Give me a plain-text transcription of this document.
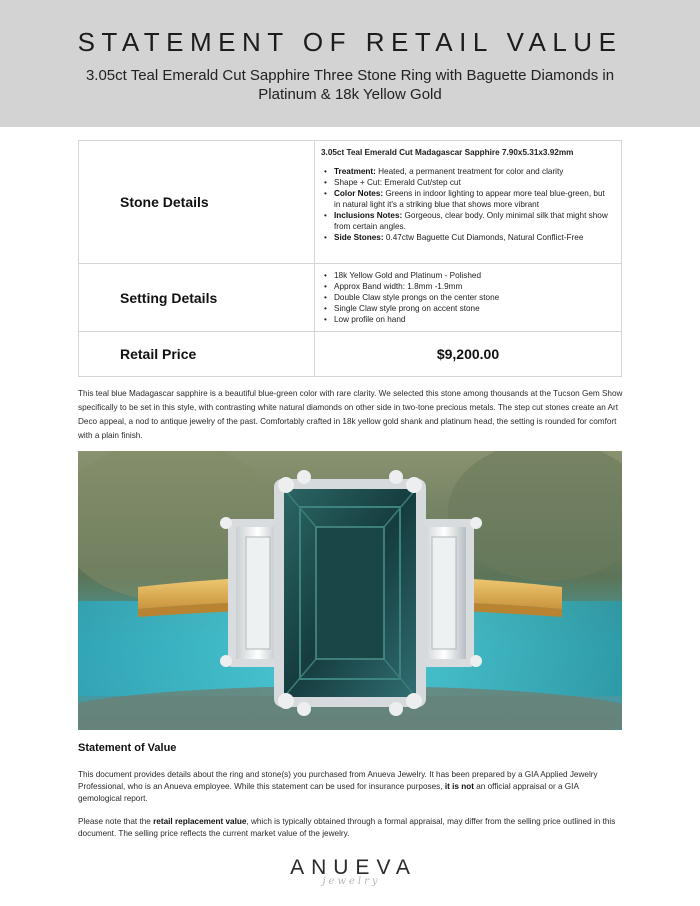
STATEMENT OF RETAIL VALUE
3.05ct Teal Emerald Cut Sapphire Three Stone Ring with Baguette Diamonds in Platinum & 18k Yellow Gold
Stone Details
3.05ct Teal Emerald Cut Madagascar Sapphire 7.90x5.31x3.92mm
• Treatment: Heated, a permanent treatment for color and clarity
• Shape + Cut: Emerald Cut/step cut
• Color Notes: Greens in indoor lighting to appear more teal blue-green, but in natural light it's a striking blue that shows more vibrant
• Inclusions Notes: Gorgeous, clear body. Only minimal silk that might show from certain angles.
• Side Stones: 0.47ctw Baguette Cut Diamonds, Natural Conflict-Free
Setting Details
• 18k Yellow Gold and Platinum - Polished
• Approx Band width: 1.8mm -1.9mm
• Double Claw style prongs on the center stone
• Single Claw style prong on accent stone
• Low profile on hand
Retail Price	$9,200.00

This teal blue Madagascar sapphire is a beautiful blue-green color with rare clarity. We selected this stone among thousands at the Tucson Gem Show specifically to be set in this style, with contrasting white natural diamonds on other side in two-tone precious metals. The step cut stones create an Art Deco appeal, a nod to antique jewelry of the past. Comfortably crafted in 18k yellow gold shank and platinum head, the setting is rounded for comfort with a plain finish.

Statement of Value

This document provides details about the ring and stone(s) you purchased from Anueva Jewelry. It has been prepared by a GIA Applied Jewelry Professional, who is an Anueva employee. While this statement can be used for insurance purposes, it is not an official appraisal or a GIA gemological report.

Please note that the retail replacement value, which is typically obtained through a formal appraisal, may differ from the selling price outlined in this document. The selling price reflects the current market value of the jewelry.

ANUEVA
jewelry
